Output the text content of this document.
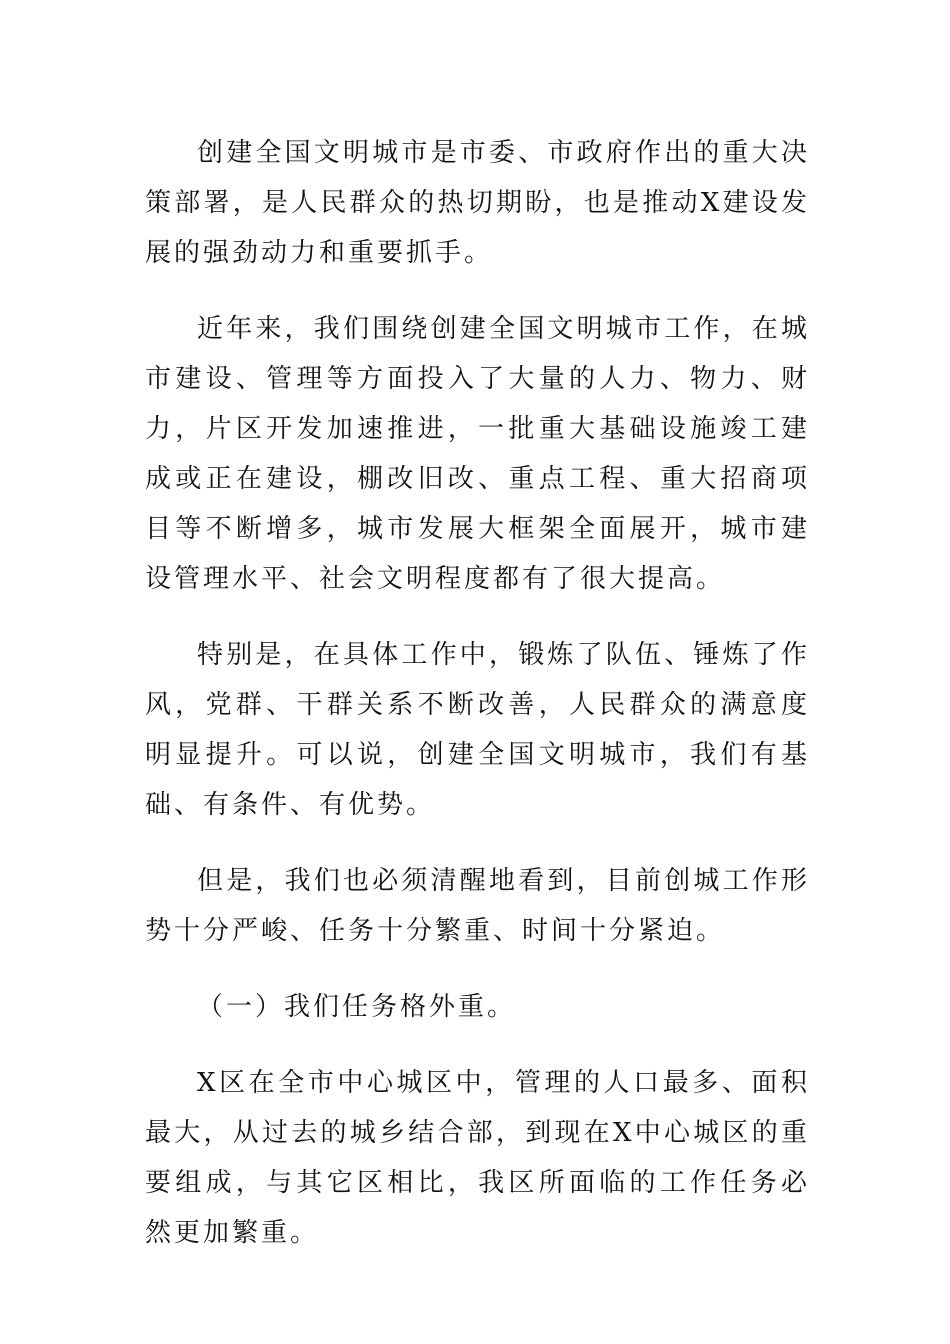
创建全国文明城市是市委、市政府作出的重大决策部署，是人民群众的热切期盼，也是推动X建设发展的强劲动力和重要抓手。

近年来，我们围绕创建全国文明城市工作，在城市建设、管理等方面投入了大量的人力、物力、财力，片区开发加速推进，一批重大基础设施竣工建成或正在建设，棚改旧改、重点工程、重大招商项目等不断增多，城市发展大框架全面展开，城市建设管理水平、社会文明程度都有了很大提高。

特别是，在具体工作中，锻炼了队伍、锤炼了作风，党群、干群关系不断改善，人民群众的满意度明显提升。可以说，创建全国文明城市，我们有基础、有条件、有优势。

但是，我们也必须清醒地看到，目前创城工作形势十分严峻、任务十分繁重、时间十分紧迫。

（一）我们任务格外重。

X区在全市中心城区中，管理的人口最多、面积最大，从过去的城乡结合部，到现在X中心城区的重要组成，与其它区相比，我区所面临的工作任务必然更加繁重。
